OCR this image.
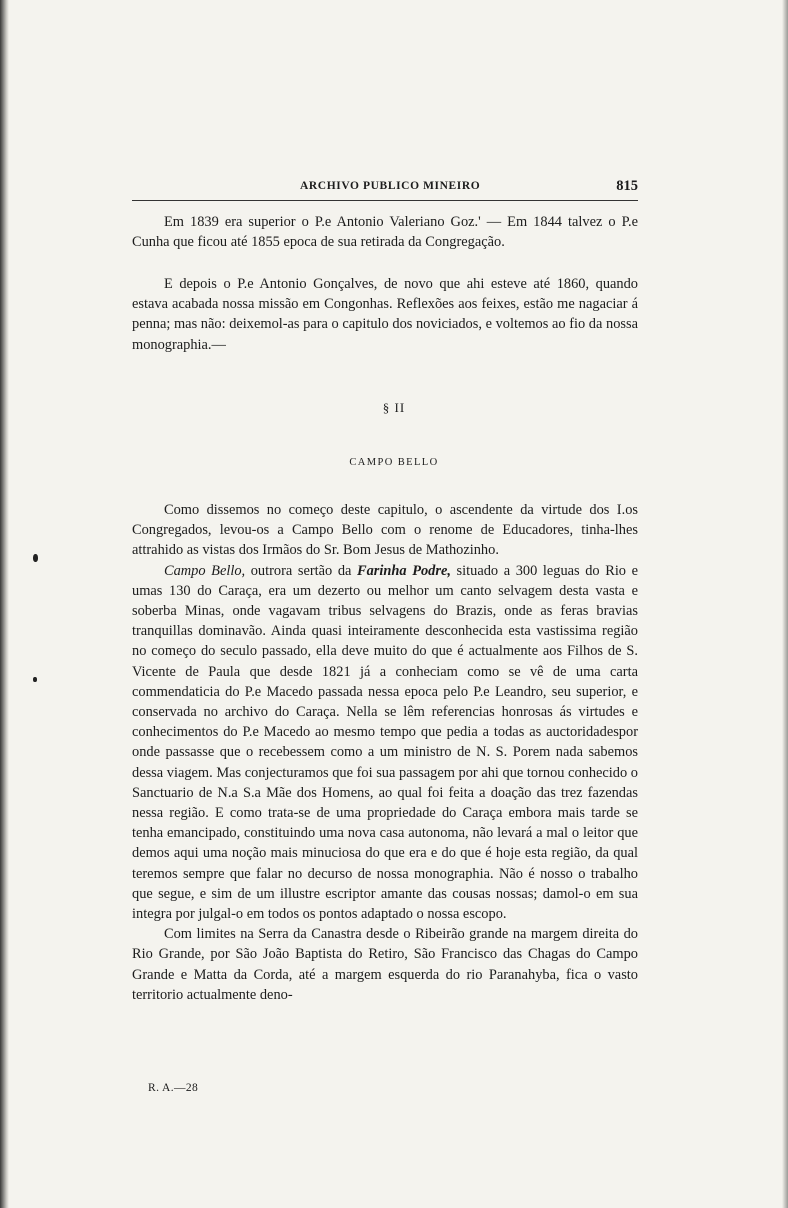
ARCHIVO PUBLICO MINEIRO	815

Em 1839 era superior o P.e Antonio Valeriano Goz.' — Em 1844 talvez o P.e Cunha que ficou até 1855 epoca de sua retirada da Congregação.

E depois o P.e Antonio Gonçalves, de novo que ahi esteve até 1860, quando estava acabada nossa missão em Congonhas. Reflexões aos feixes, estão me nagaciar á penna; mas não: deixemol-as para o capitulo dos noviciados, e voltemos ao fio da nossa monographia.—

§ II
CAMPO BELLO

Como dissemos no começo deste capitulo, o ascendente da virtude dos I.os Congregados, levou-os a Campo Bello com o renome de Educadores, tinha-lhes attrahido as vistas dos Irmãos do Sr. Bom Jesus de Mathozinho.

Campo Bello, outrora sertão da Farinha Podre, situado a 300 leguas do Rio e umas 130 do Caraça, era um dezerto ou melhor um canto selvagem desta vasta e soberba Minas, onde vagavam tribus selvagens do Brazis, onde as feras bravias tranquillas dominavão. Ainda quasi inteiramente desconhecida esta vastissima região no começo do seculo passado, ella deve muito do que é actualmente aos Filhos de S. Vicente de Paula que desde 1821 já a conheciam como se vê de uma carta commendaticia do P.e Macedo passada nessa epoca pelo P.e Leandro, seu superior, e conservada no archivo do Caraça. Nella se lêm referencias honrosas ás virtudes e conhecimentos do P.e Macedo ao mesmo tempo que pedia a todas as auctoridadespor onde passasse que o recebessem como a um ministro de N. S. Porem nada sabemos dessa viagem. Mas conjecturamos que foi sua passagem por ahi que tornou conhecido o Sanctuario de N.a S.a Mãe dos Homens, ao qual foi feita a doação das trez fazendas nessa região. E como trata-se de uma propriedade do Caraça embora mais tarde se tenha emancipado, constituindo uma nova casa autonoma, não levará a mal o leitor que demos aqui uma noção mais minuciosa do que era e do que é hoje esta região, da qual teremos sempre que falar no decurso de nossa monographia. Não é nosso o trabalho que segue, e sim de um illustre escriptor amante das cousas nossas; damol-o em sua integra por julgal-o em todos os pontos adaptado o nossa escopo.

Com limites na Serra da Canastra desde o Ribeirão grande na margem direita do Rio Grande, por São João Baptista do Retiro, São Francisco das Chagas do Campo Grande e Matta da Corda, até a margem esquerda do rio Paranahyba, fica o vasto territorio actualmente deno-

R. A.—28
